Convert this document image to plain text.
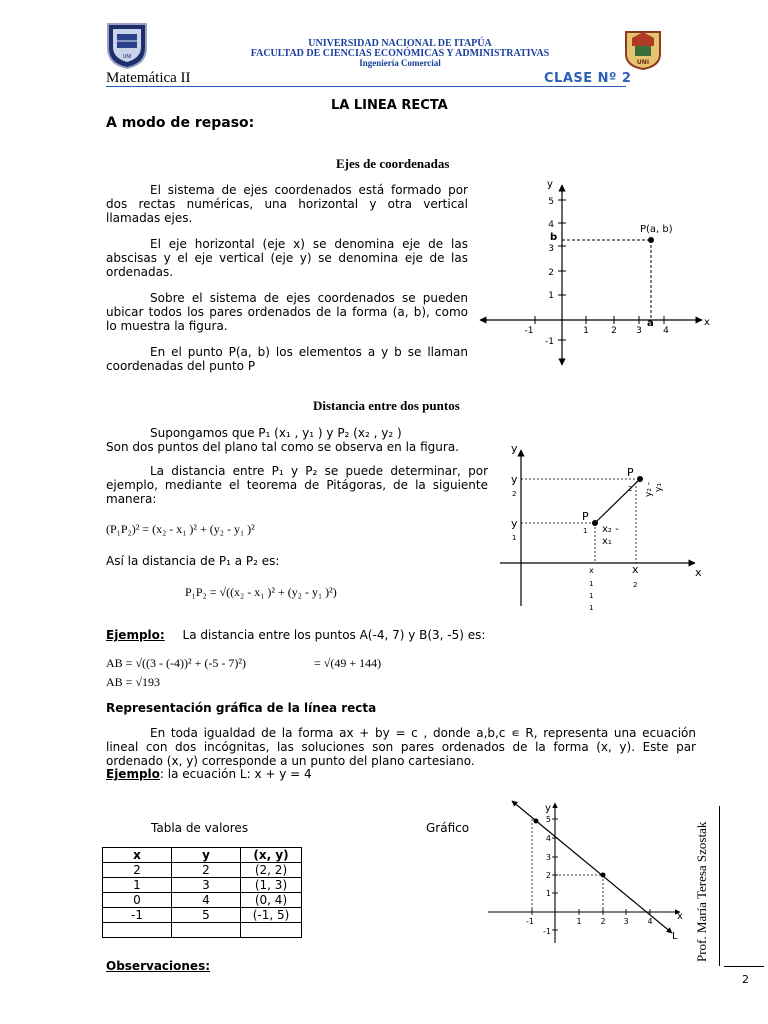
UNI
UNIVERSIDAD NACIONAL DE ITAPÚA
FACULTAD DE CIENCIAS ECONÓMICAS Y ADMINISTRATIVAS
Ingeniería Comercial	UNI
Matemática II	CLASE Nº 2
LA LINEA RECTA
A modo de repaso:
Ejes de coordenadas

El sistema de ejes coordenados está formado por dos rectas numéricas, una horizontal y otra vertical llamadas ejes.

El eje horizontal (eje x) se denomina eje de las abscisas y el eje vertical (eje y) se denomina eje de las ordenadas.

Sobre el sistema de ejes coordenados se pueden ubicar todos los pares ordenados de la forma (a, b), como lo muestra la figura.

En el punto P(a, b) los elementos a y b se llaman coordenadas del punto P

x
y
-1	1 2 3 4
5
4
3
2
1
-1
P(a, b)
b
a
Distancia entre dos puntos
Supongamos que P₁ (x₁ , y₁ ) y P₂ (x₂ , y₂ )
Son dos puntos del plano tal como se observa en la figura.
La distancia entre P₁ y P₂ se puede determinar, por ejemplo, mediante el teorema de Pitágoras, de la siguiente manera:
(P₁P₂)² = (x₂ - x₁ )² + (y₂ - y₁ )²
Así la distancia de P₁ a P₂ es:
P₁P₂ = √((x₂ - x₁ )² + (y₂ - y₁ )²)
y
x
y
2
y
1
P
2
P
1 x₂ -
x₁
y₂ - y₁
x
1
1
1
x
2
Ejemplo: La distancia entre los puntos A(-4, 7) y B(3, -5) es:
AB = √((3 - (-4))² + (-5 - 7)²)	= √(49 + 144)
AB = √193
Representación gráfica de la línea recta
En toda igualdad de la forma ax + by = c , donde a,b,c ∊ R, representa una ecuación lineal con dos incógnitas, las soluciones son pares ordenados de la forma (x, y). Este par ordenado (x, y) corresponde a un punto del plano cartesiano.
Ejemplo: la ecuación L: x + y = 4
Tabla de valores	Gráfico
x	y	(x, y)
2	2	(2, 2)
1	3	(1, 3)
0	4	(0, 4)
-1	5	(-1, 5)
			x
y
L
-1	1 2 3 4
5
4
3
2
1
-1
Observaciones:
Prof. María Teresa Szostak
2
